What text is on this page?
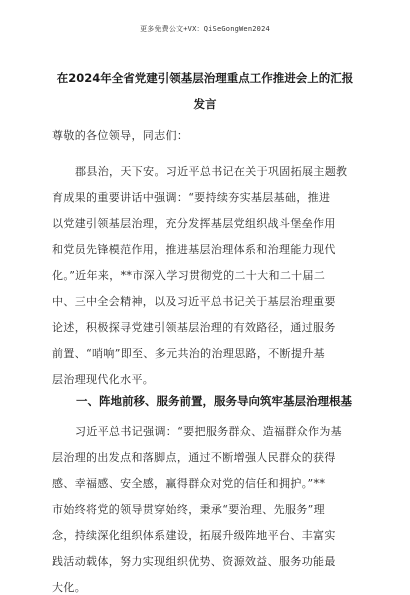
更多免费公文+VX：QiSeGongWen2024
在2024年全省党建引领基层治理重点工作推进会上的汇报
发言
尊敬的各位领导，同志们：
郡县治，天下安。习近平总书记在关于巩固拓展主题教
育成果的重要讲话中强调：“要持续夯实基层基础，推进
以党建引领基层治理，充分发挥基层党组织战斗堡垒作用
和党员先锋模范作用，推进基层治理体系和治理能力现代
化。”近年来，**市深入学习贯彻党的二十大和二十届二
中、三中全会精神，以及习近平总书记关于基层治理重要
论述，积极探寻党建引领基层治理的有效路径，通过服务
前置、“哨响”即至、多元共治的治理思路，不断提升基
层治理现代化水平。
一、阵地前移、服务前置，服务导向筑牢基层治理根基
习近平总书记强调：“要把服务群众、造福群众作为基
层治理的出发点和落脚点，通过不断增强人民群众的获得
感、幸福感、安全感，赢得群众对党的信任和拥护。”**
市始终将党的领导贯穿始终，秉承“要治理、先服务”理
念，持续深化组织体系建设，拓展升级阵地平台、丰富实
践活动载体，努力实现组织优势、资源效益、服务功能最
大化。
